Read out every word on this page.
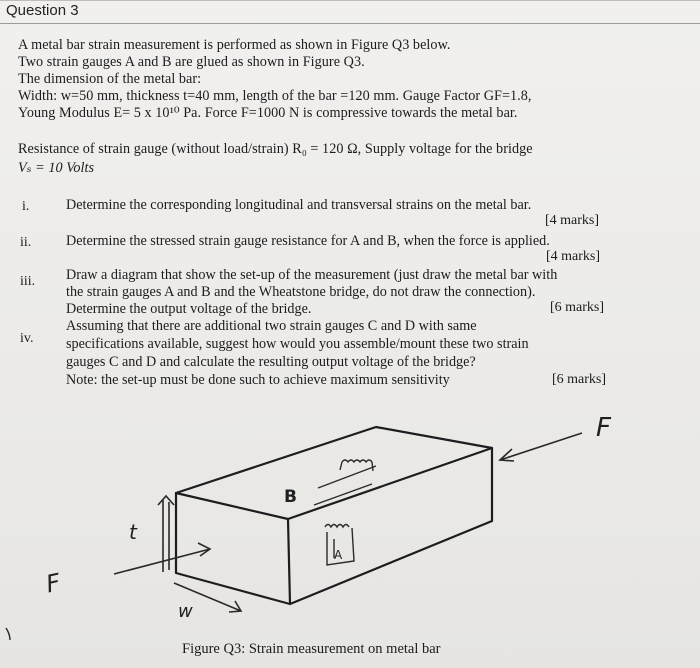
Question 3
A metal bar strain measurement is performed as shown in Figure Q3 below.
Two strain gauges A and B are glued as shown in Figure Q3.
The dimension of the metal bar:
Width: w=50 mm, thickness t=40 mm, length of the bar =120 mm. Gauge Factor GF=1.8,
Young Modulus E= 5 x 10¹⁰ Pa. Force F=1000 N is compressive towards the metal bar.
Resistance of strain gauge (without load/strain) R₀ = 120 Ω, Supply voltage for the bridge
Vₛ = 10 Volts
i.	Determine the corresponding longitudinal and transversal strains on the metal bar.
[4 marks]
ii. Determine the stressed strain gauge resistance for A and B, when the force is applied.
[4 marks]
iii. Draw a diagram that show the set-up of the measurement (just draw the metal bar with
the strain gauges A and B and the Wheatstone bridge, do not draw the connection).
Determine the output voltage of the bridge.	[6 marks]
iv.
Assuming that there are additional two strain gauges C and D with same
specifications available, suggest how would you assemble/mount these two strain
gauges C and D and calculate the resulting output voltage of the bridge?
Note: the set-up must be done such to achieve maximum sensitivity	[6 marks]
F
F
t
w
B
A
Figure Q3: Strain measurement on metal bar
